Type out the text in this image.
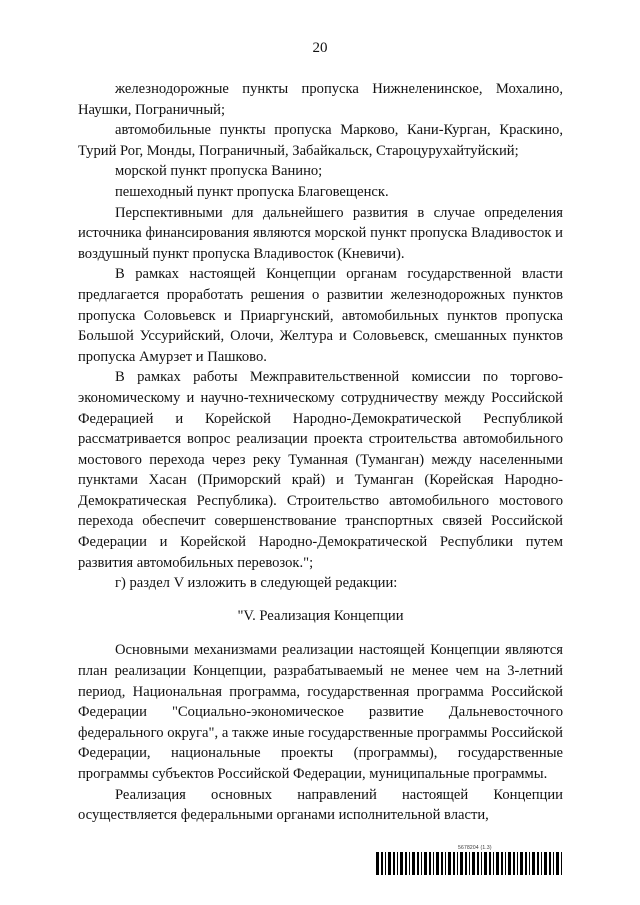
20

железнодорожные пункты пропуска Нижнеленинское, Мохалино, Наушки, Пограничный;

автомобильные пункты пропуска Марково, Кани-Курган, Краскино, Турий Рог, Монды, Пограничный, Забайкальск, Староцурухайтуйский;

морской пункт пропуска Ванино;

пешеходный пункт пропуска Благовещенск.

Перспективными для дальнейшего развития в случае определения источника финансирования являются морской пункт пропуска Владивосток и воздушный пункт пропуска Владивосток (Кневичи).

В рамках настоящей Концепции органам государственной власти предлагается проработать решения о развитии железнодорожных пунктов пропуска Соловьевск и Приаргунский, автомобильных пунктов пропуска Большой Уссурийский, Олочи, Желтура и Соловьевск, смешанных пунктов пропуска Амурзет и Пашково.

В рамках работы Межправительственной комиссии по торгово-экономическому и научно-техническому сотрудничеству между Российской Федерацией и Корейской Народно-Демократической Республикой рассматривается вопрос реализации проекта строительства автомобильного мостового перехода через реку Туманная (Туманган) между населенными пунктами Хасан (Приморский край) и Туманган (Корейская Народно-Демократическая Республика). Строительство автомобильного мостового перехода обеспечит совершенствование транспортных связей Российской Федерации и Корейской Народно-Демократической Республики путем развития автомобильных перевозок.";

г) раздел V изложить в следующей редакции:

"V. Реализация Концепции

Основными механизмами реализации настоящей Концепции являются план реализации Концепции, разрабатываемый не менее чем на 3-летний период, Национальная программа, государственная программа Российской Федерации "Социально-экономическое развитие Дальневосточного федерального округа", а также иные государственные программы Российской Федерации, национальные проекты (программы), государственные программы субъектов Российской Федерации, муниципальные программы.

Реализация основных направлений настоящей Концепции осуществляется федеральными органами исполнительной власти,

5678204 (1.3)
